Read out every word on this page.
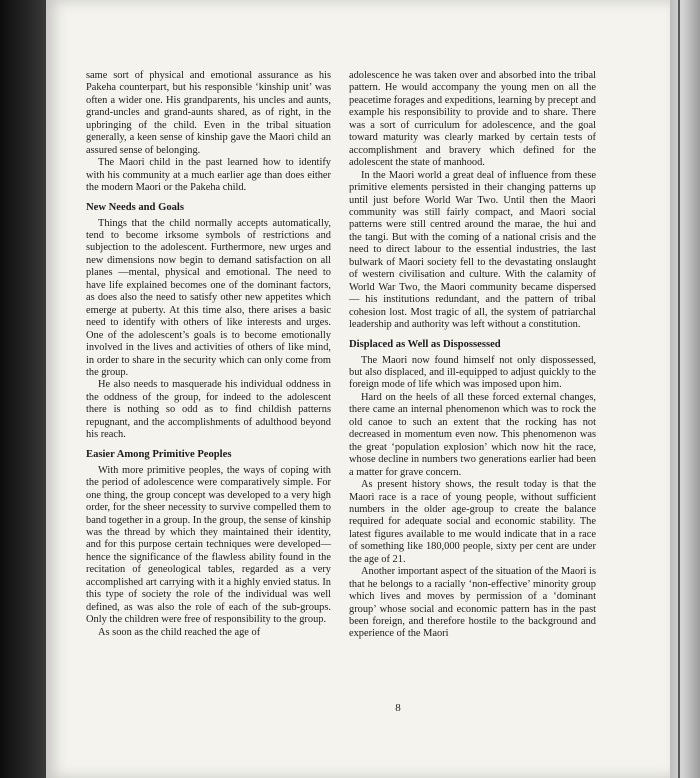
same sort of physical and emotional assurance as his Pakeha counterpart, but his responsible ‘kinship unit’ was often a wider one. His grandparents, his uncles and aunts, grand-uncles and grand-aunts shared, as of right, in the upbringing of the child. Even in the tribal situation generally, a keen sense of kinship gave the Maori child an assured sense of belonging.

The Maori child in the past learned how to identify with his community at a much earlier age than does either the modern Maori or the Pakeha child.

New Needs and Goals

Things that the child normally accepts automatically, tend to become irksome symbols of restrictions and subjection to the adolescent. Furthermore, new urges and new dimensions now begin to demand satisfaction on all planes —mental, physical and emotional. The need to have life explained becomes one of the dominant factors, as does also the need to satisfy other new appetites which emerge at puberty. At this time also, there arises a basic need to identify with others of like interests and urges. One of the adolescent’s goals is to become emotionally involved in the lives and activities of others of like mind, in order to share in the security which can only come from the group.

He also needs to masquerade his individual oddness in the oddness of the group, for indeed to the adolescent there is nothing so odd as to find childish patterns repugnant, and the accomplishments of adulthood beyond his reach.

Easier Among Primitive Peoples

With more primitive peoples, the ways of coping with the period of adolescence were comparatively simple. For one thing, the group concept was developed to a very high order, for the sheer necessity to survive compelled them to band together in a group. In the group, the sense of kinship was the thread by which they maintained their identity, and for this purpose certain techniques were developed—hence the significance of the flawless ability found in the recitation of geneological tables, regarded as a very accomplished art carrying with it a highly envied status. In this type of society the role of the individual was well defined, as was also the role of each of the sub-groups. Only the children were free of responsibility to the group.

As soon as the child reached the age of

adolescence he was taken over and absorbed into the tribal pattern. He would accompany the young men on all the peacetime forages and expeditions, learning by precept and example his responsibility to provide and to share. There was a sort of curriculum for adolescence, and the goal toward maturity was clearly marked by certain tests of accomplishment and bravery which defined for the adolescent the state of manhood.

In the Maori world a great deal of influence from these primitive elements persisted in their changing patterns up until just before World War Two. Until then the Maori community was still fairly compact, and Maori social patterns were still centred around the marae, the hui and the tangi. But with the coming of a national crisis and the need to direct labour to the essential industries, the last bulwark of Maori society fell to the devastating onslaught of western civilisation and culture. With the calamity of World War Two, the Maori community became dispersed — his institutions redundant, and the pattern of tribal cohesion lost. Most tragic of all, the system of patriarchal leadership and authority was left without a constitution.

Displaced as Well as Dispossessed

The Maori now found himself not only dispossessed, but also displaced, and ill-equipped to adjust quickly to the foreign mode of life which was imposed upon him.

Hard on the heels of all these forced external changes, there came an internal phenomenon which was to rock the old canoe to such an extent that the rocking has not decreased in momentum even now. This phenomenon was the great ‘population explosion’ which now hit the race, whose decline in numbers two generations earlier had been a matter for grave concern.

As present history shows, the result today is that the Maori race is a race of young people, without sufficient numbers in the older age-group to create the balance required for adequate social and economic stability. The latest figures available to me would indicate that in a race of something like 180,000 people, sixty per cent are under the age of 21.

Another important aspect of the situation of the Maori is that he belongs to a racially ‘non-effective’ minority group which lives and moves by permission of a ‘dominant group’ whose social and economic pattern has in the past been foreign, and therefore hostile to the background and experience of the Maori

8
